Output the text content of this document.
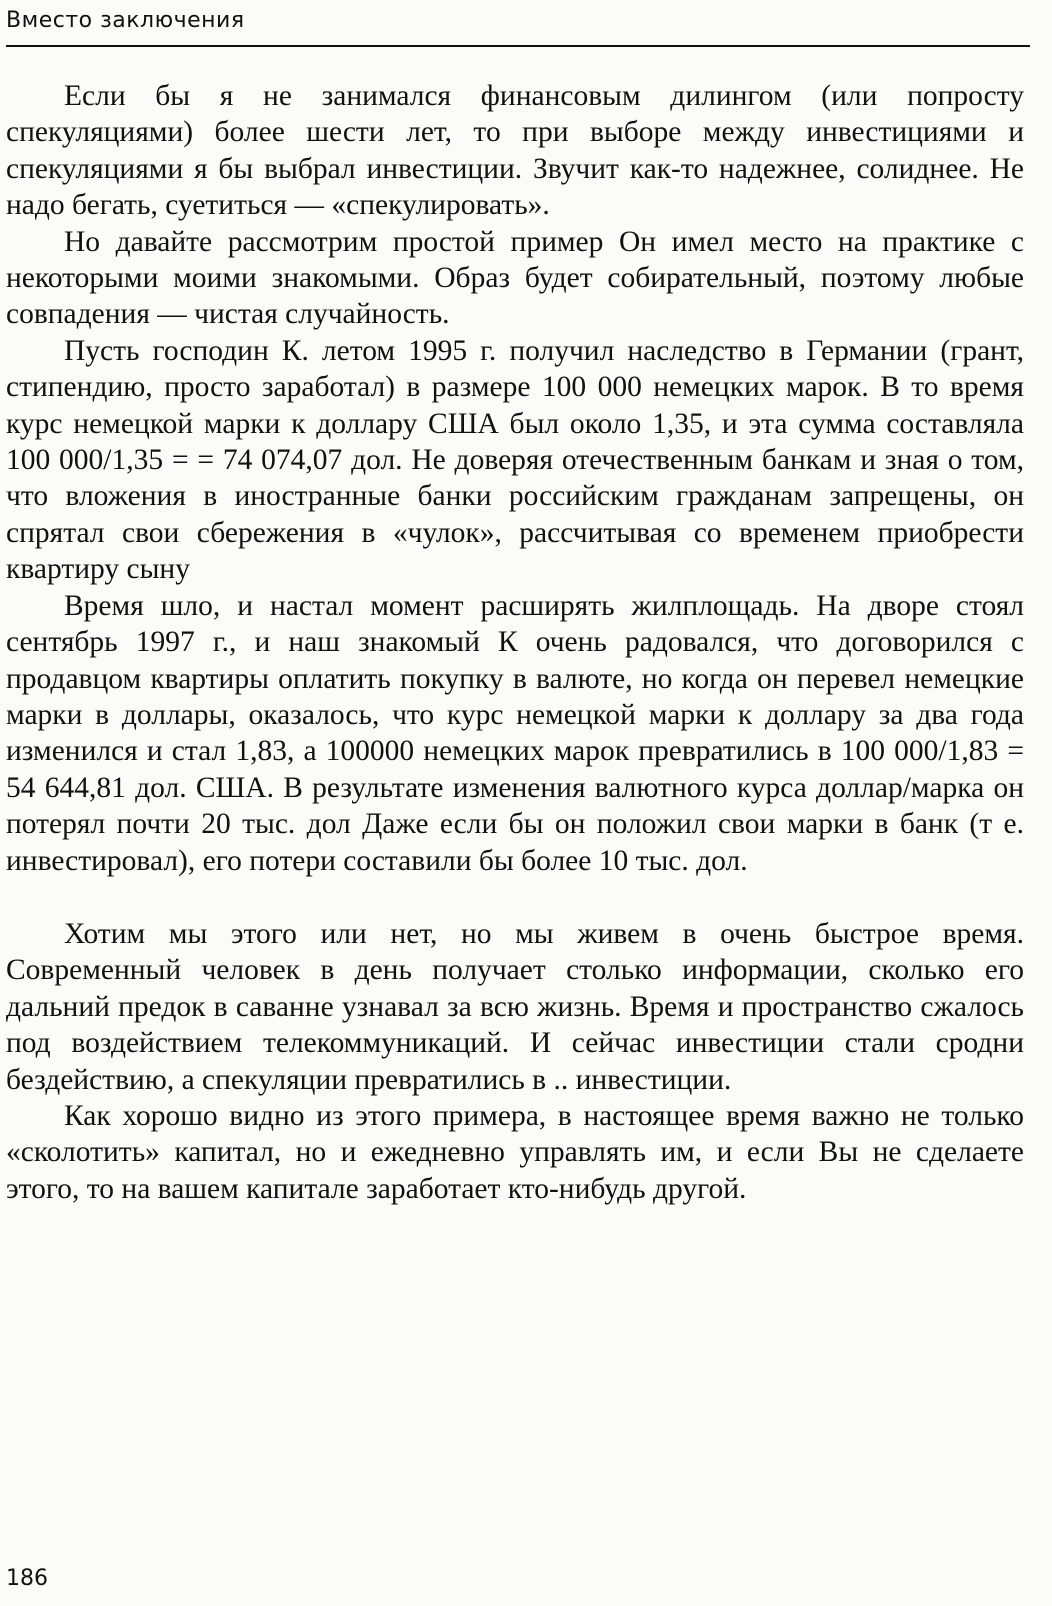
Вместо заключения

Если бы я не занимался финансовым дилингом (или попросту спекуляциями) более шести лет, то при выборе между инвестициями и спекуляциями я бы выбрал инвестиции. Звучит как-то надежнее, солиднее. Не надо бегать, суетиться — «спекулировать».

Но давайте рассмотрим простой пример Он имел место на практике с некоторыми моими знакомыми. Образ будет собирательный, поэтому любые совпадения — чистая случайность.

Пусть господин К. летом 1995 г. получил наследство в Германии (грант, стипендию, просто заработал) в размере 100 000 немецких марок. В то время курс немецкой марки к доллару США был около 1,35, и эта сумма составляла 100 000/1,35 = = 74 074,07 дол. Не доверяя отечественным банкам и зная о том, что вложения в иностранные банки российским гражданам запрещены, он спрятал свои сбережения в «чулок», рассчитывая со временем приобрести квартиру сыну

Время шло, и настал момент расширять жилплощадь. На дворе стоял сентябрь 1997 г., и наш знакомый К очень радовался, что договорился с продавцом квартиры оплатить покупку в валюте, но когда он перевел немецкие марки в доллары, оказалось, что курс немецкой марки к доллару за два года изменился и стал 1,83, а 100000 немецких марок превратились в 100 000/1,83 = 54 644,81 дол. США. В результате изменения валютного курса доллар/марка он потерял почти 20 тыс. дол Даже если бы он положил свои марки в банк (т е. инвестировал), его потери составили бы более 10 тыс. дол.

Хотим мы этого или нет, но мы живем в очень быстрое время. Современный человек в день получает столько информации, сколько его дальний предок в саванне узнавал за всю жизнь. Время и пространство сжалось под воздействием телекоммуникаций. И сейчас инвестиции стали сродни бездействию, а спекуляции превратились в .. инвестиции.

Как хорошо видно из этого примера, в настоящее время важно не только «сколотить» капитал, но и ежедневно управлять им, и если Вы не сделаете этого, то на вашем капитале заработает кто-нибудь другой.

186
